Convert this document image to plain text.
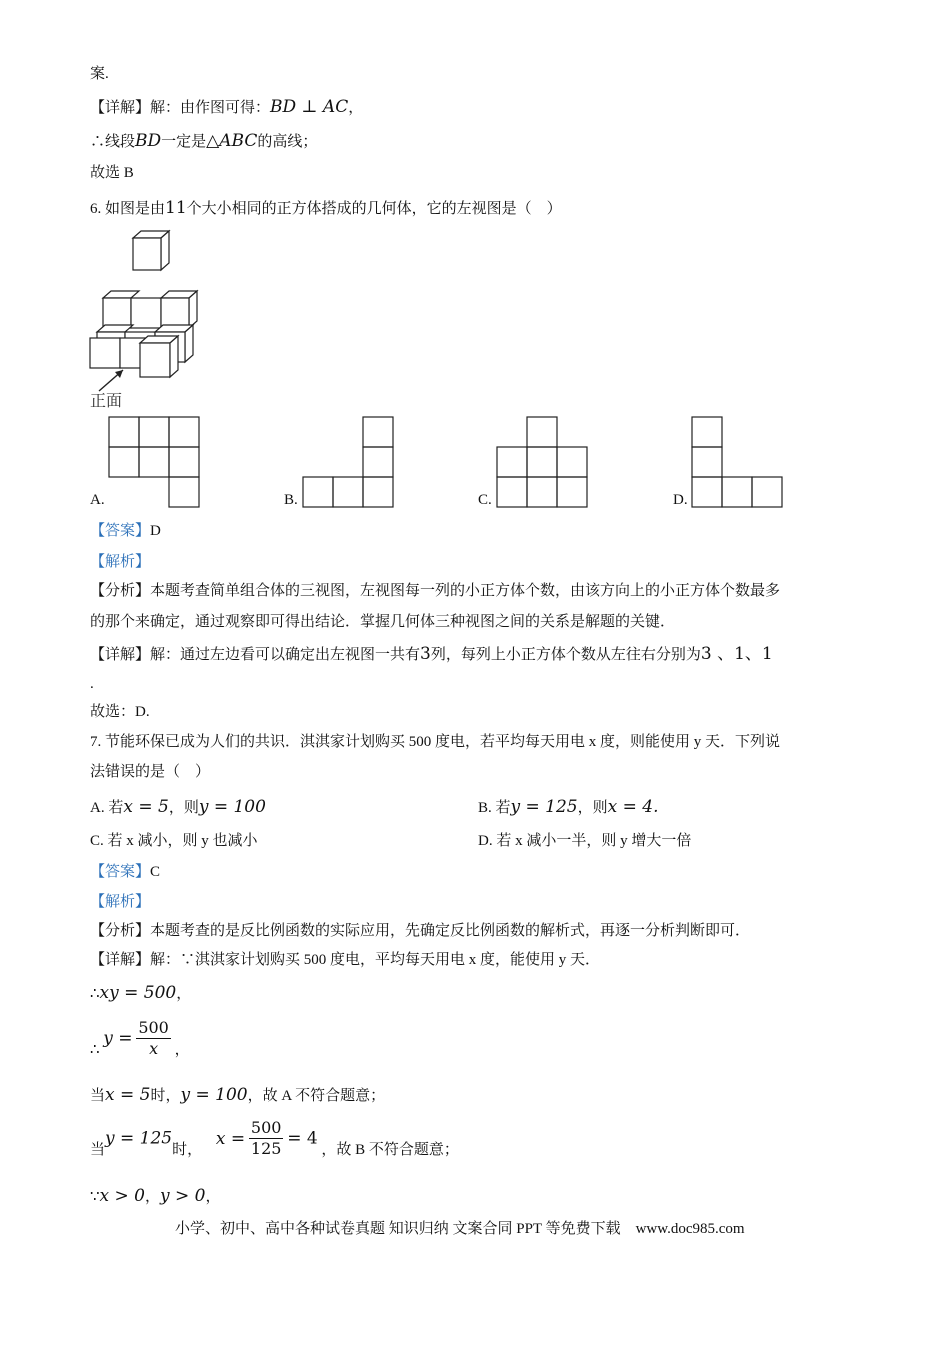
案.
【详解】解：由作图可得：BD ⊥ AC，
∴线段BD一定是△ABC的高线；
故选 B
6. 如图是由11个大小相同的正方体搭成的几何体，它的左视图是（　）
正面
A.	B.	C.	D.
【答案】D
【解析】
【分析】本题考查简单组合体的三视图，左视图每一列的小正方体个数，由该方向上的小正方体个数最多
的那个来确定，通过观察即可得出结论．掌握几何体三种视图之间的关系是解题的关键．
【详解】解：通过左边看可以确定出左视图一共有3列，每列上小正方体个数从左往右分别为3 、1、1
.
故选：D.
7. 节能环保已成为人们的共识．淇淇家计划购买 500 度电，若平均每天用电 x 度，则能使用 y 天．下列说
法错误的是（　）
A. 若x = 5，则y = 100	B. 若y = 125，则x = 4.
C. 若 x 减小，则 y 也减小	D. 若 x 减小一半，则 y 增大一倍
【答案】C
【解析】
【分析】本题考查的是反比例函数的实际应用，先确定反比例函数的解析式，再逐一分析判断即可．
【详解】解：∵淇淇家计划购买 500 度电，平均每天用电 x 度，能使用 y 天．
∴xy = 500，
∴ $y = \frac{500}{x}$ ，
当x = 5时，y = 100，故 A 不符合题意；
当y = 125时， $x = \frac{500}{125} = 4$ ，故 B 不符合题意；
∵x > 0，y > 0，
小学、初中、高中各种试卷真题 知识归纳 文案合同 PPT 等免费下载　www.doc985.com
